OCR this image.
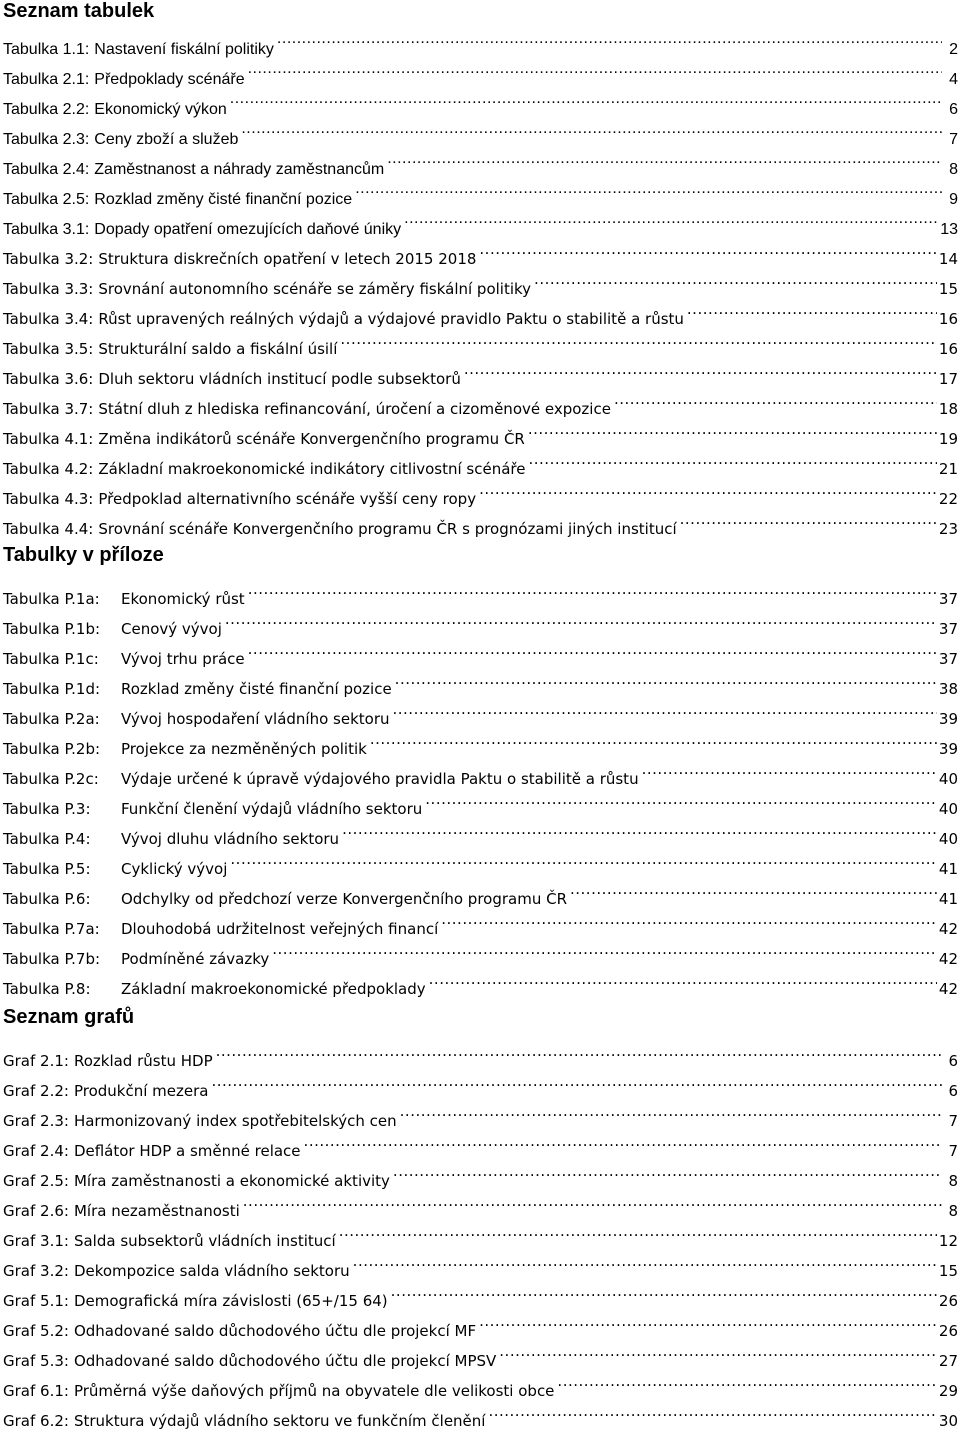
Seznam tabulek
Tabulka 1.1: Nastavení fiskální politiky .....	2
Tabulka 2.1: Předpoklady scénáře .....	4
Tabulka 2.2: Ekonomický výkon .....	6
Tabulka 2.3: Ceny zboží a služeb .....	7
Tabulka 2.4: Zaměstnanost a náhrady zaměstnancům .....	8
Tabulka 2.5: Rozklad změny čisté finanční pozice .....	9
Tabulka 3.1: Dopady opatření omezujících daňové úniky .....	13
Tabulka 3.2: Struktura diskrečních opatření v letech 2015 2018 .....	14
Tabulka 3.3: Srovnání autonomního scénáře se záměry fiskální politiky .....	15
Tabulka 3.4: Růst upravených reálných výdajů a výdajové pravidlo Paktu o stabilitě a růstu .....	16
Tabulka 3.5: Strukturální saldo a fiskální úsilí .....	16
Tabulka 3.6: Dluh sektoru vládních institucí podle subsektorů .....	17
Tabulka 3.7: Státní dluh z hlediska refinancování, úročení a cizoměnové expozice .....	18
Tabulka 4.1: Změna indikátorů scénáře Konvergenčního programu ČR .....	19
Tabulka 4.2: Základní makroekonomické indikátory citlivostní scénáře .....	21
Tabulka 4.3: Předpoklad alternativního scénáře vyšší ceny ropy .....	22
Tabulka 4.4: Srovnání scénáře Konvergenčního programu ČR s prognózami jiných institucí .....	23
Tabulky v příloze
Tabulka P.1a:	Ekonomický růst .....	37
Tabulka P.1b:	Cenový vývoj .....	37
Tabulka P.1c:	Vývoj trhu práce .....	37
Tabulka P.1d:	Rozklad změny čisté finanční pozice .....	38
Tabulka P.2a:	Vývoj hospodaření vládního sektoru .....	39
Tabulka P.2b:	Projekce za nezměněných politik .....	39
Tabulka P.2c:	Výdaje určené k úpravě výdajového pravidla Paktu o stabilitě a růstu .....	40
Tabulka P.3:	Funkční členění výdajů vládního sektoru .....	40
Tabulka P.4:	Vývoj dluhu vládního sektoru .....	40
Tabulka P.5:	Cyklický vývoj .....	41
Tabulka P.6:	Odchylky od předchozí verze Konvergenčního programu ČR .....	41
Tabulka P.7a:	Dlouhodobá udržitelnost veřejných financí .....	42
Tabulka P.7b:	Podmíněné závazky .....	42
Tabulka P.8:	Základní makroekonomické předpoklady .....	42
Seznam grafů
Graf 2.1: Rozklad růstu HDP .....	6
Graf 2.2: Produkční mezera .....	6
Graf 2.3: Harmonizovaný index spotřebitelských cen .....	7
Graf 2.4: Deflátor HDP a směnné relace .....	7
Graf 2.5: Míra zaměstnanosti a ekonomické aktivity .....	8
Graf 2.6: Míra nezaměstnanosti .....	8
Graf 3.1: Salda subsektorů vládních institucí .....	12
Graf 3.2: Dekompozice salda vládního sektoru .....	15
Graf 5.1: Demografická míra závislosti (65+/15 64) .....	26
Graf 5.2: Odhadované saldo důchodového účtu dle projekcí MF .....	26
Graf 5.3: Odhadované saldo důchodového účtu dle projekcí MPSV .....	27
Graf 6.1: Průměrná výše daňových příjmů na obyvatele dle velikosti obce .....	29
Graf 6.2: Struktura výdajů vládního sektoru ve funkčním členění .....	30
